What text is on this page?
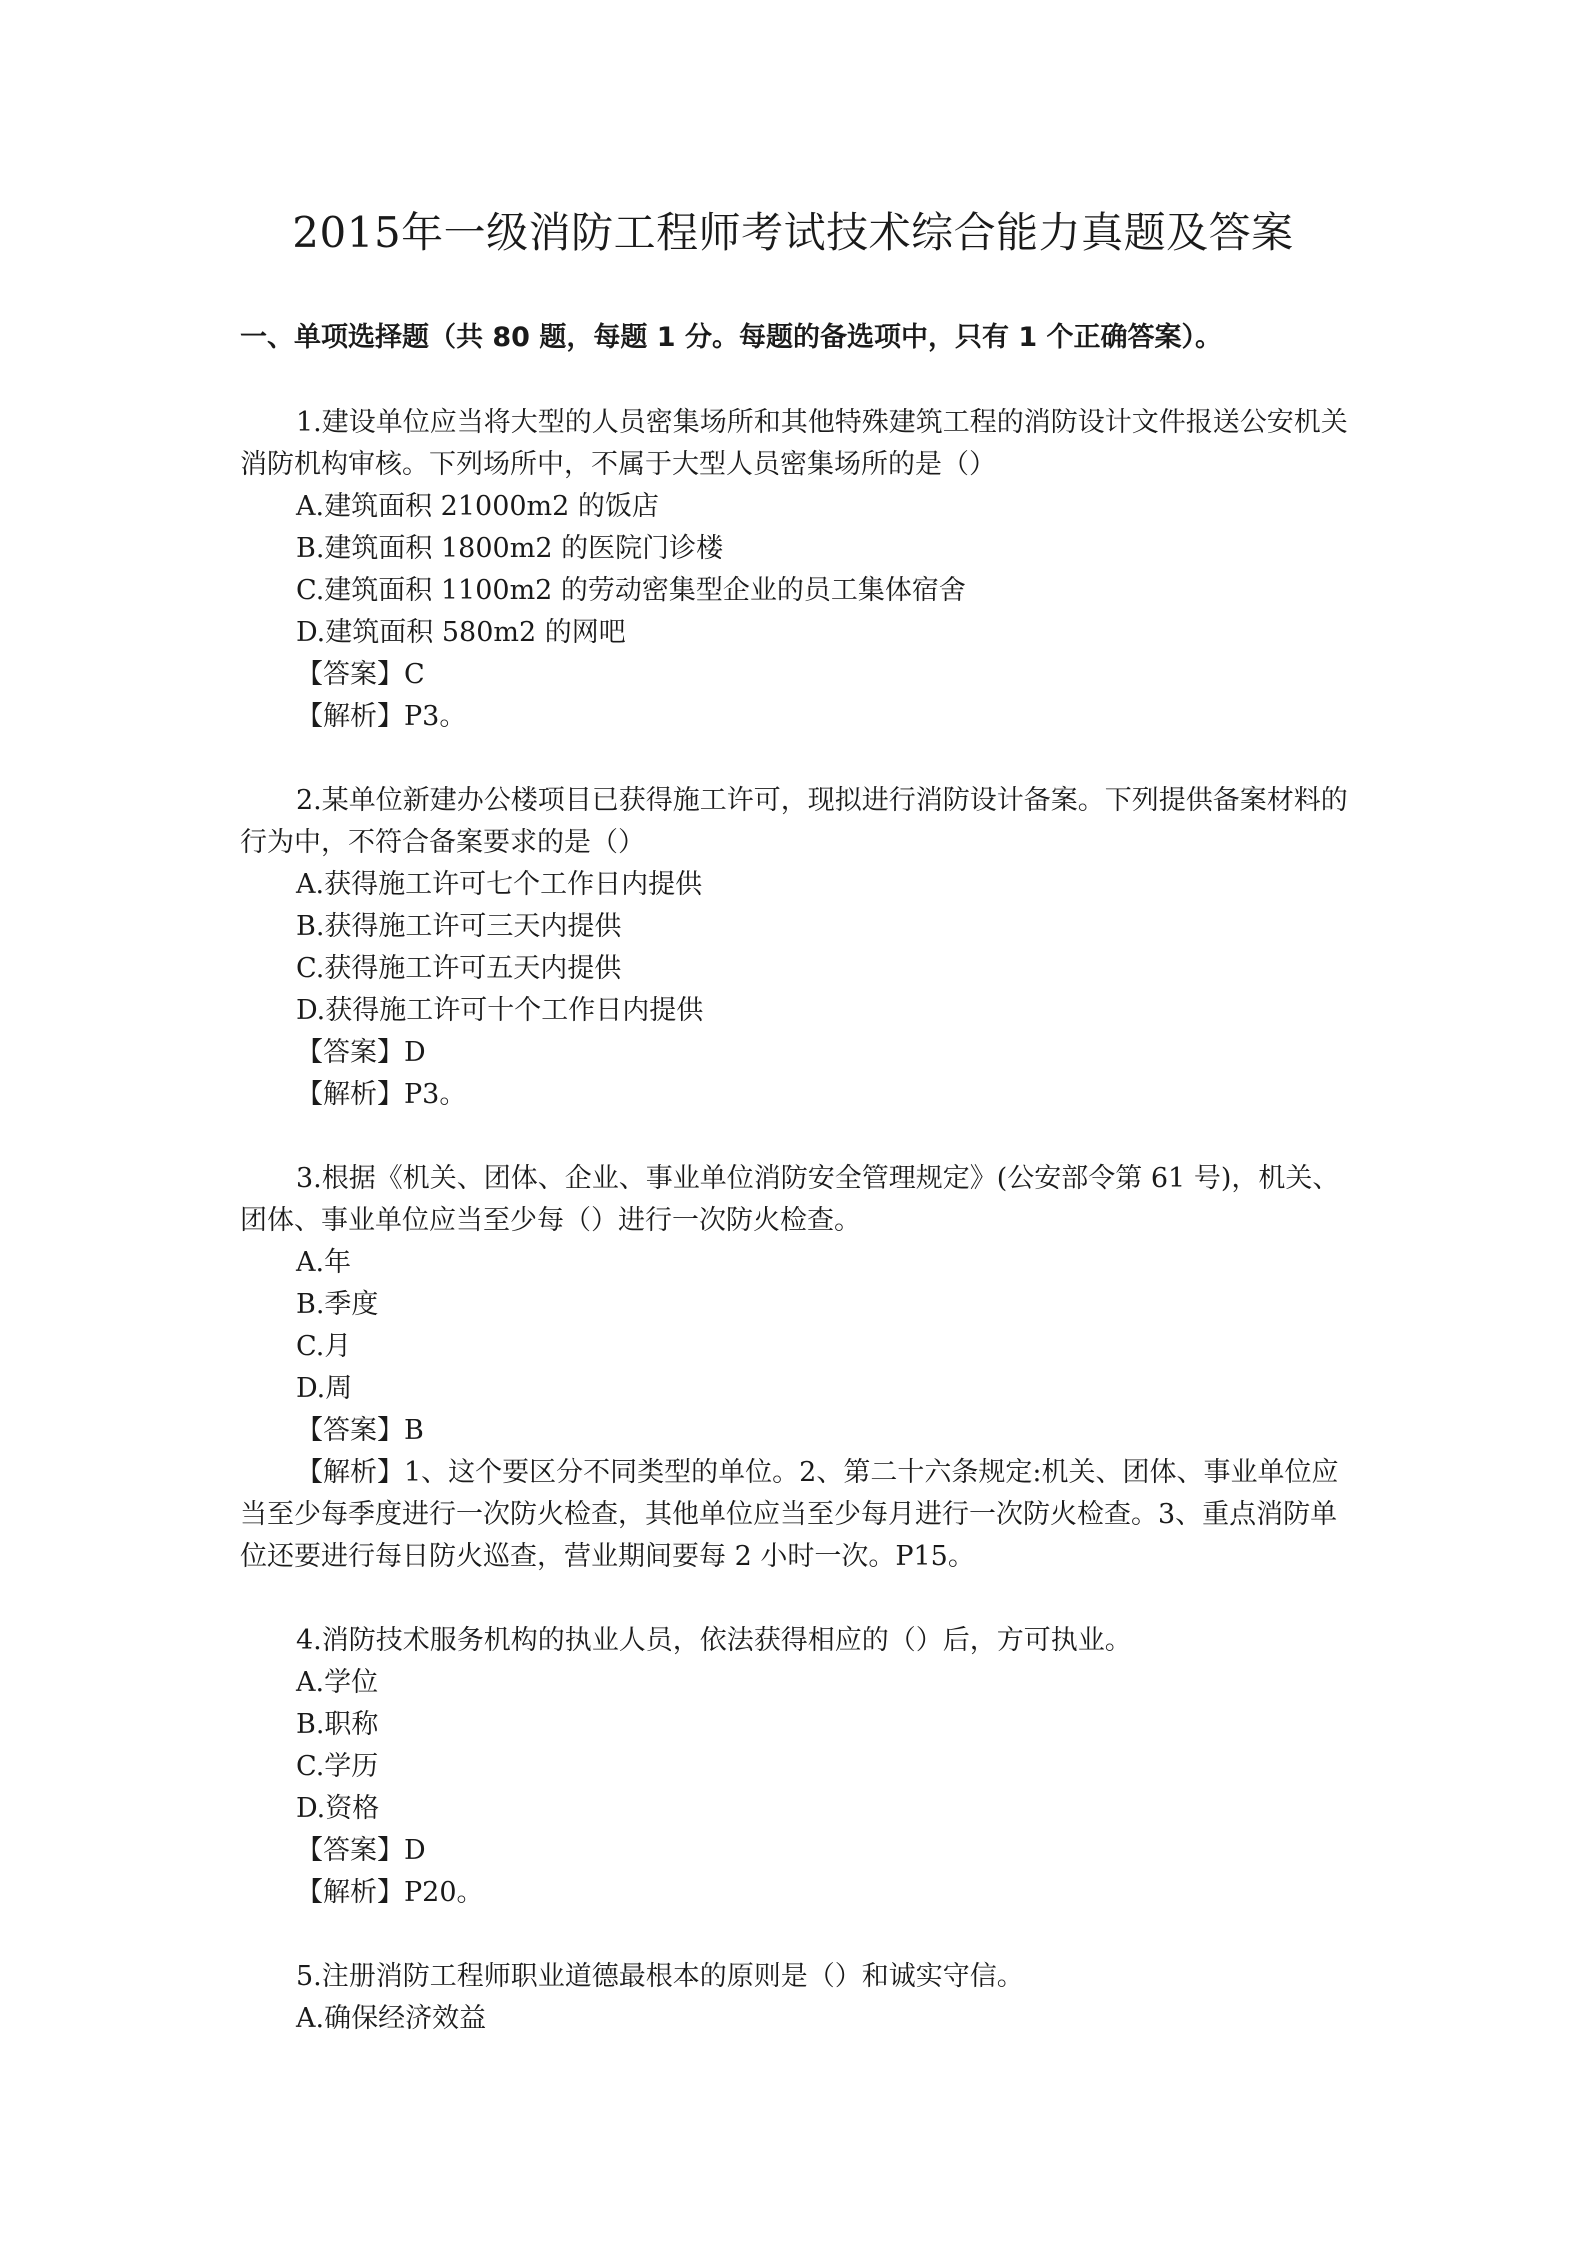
2015年一级消防工程师考试技术综合能力真题及答案
一、单项选择题（共 80 题，每题 1 分。每题的备选项中，只有 1 个正确答案）。

1.建设单位应当将大型的人员密集场所和其他特殊建筑工程的消防设计文件报送公安机关消防机构审核。下列场所中，不属于大型人员密集场所的是（）

A.建筑面积 21000m2 的饭店

B.建筑面积 1800m2 的医院门诊楼

C.建筑面积 1100m2 的劳动密集型企业的员工集体宿舍

D.建筑面积 580m2 的网吧

【答案】C

【解析】P3。

2.某单位新建办公楼项目已获得施工许可，现拟进行消防设计备案。下列提供备案材料的行为中，不符合备案要求的是（）

A.获得施工许可七个工作日内提供

B.获得施工许可三天内提供

C.获得施工许可五天内提供

D.获得施工许可十个工作日内提供

【答案】D

【解析】P3。

3.根据《机关、团体、企业、事业单位消防安全管理规定》(公安部令第 61 号)，机关、团体、事业单位应当至少每（）进行一次防火检查。

A.年

B.季度

C.月

D.周

【答案】B

【解析】1、这个要区分不同类型的单位。2、第二十六条规定:机关、团体、事业单位应当至少每季度进行一次防火检查，其他单位应当至少每月进行一次防火检查。3、重点消防单位还要进行每日防火巡查，营业期间要每 2 小时一次。P15。

4.消防技术服务机构的执业人员，依法获得相应的（）后，方可执业。

A.学位

B.职称

C.学历

D.资格

【答案】D

【解析】P20。

5.注册消防工程师职业道德最根本的原则是（）和诚实守信。

A.确保经济效益
